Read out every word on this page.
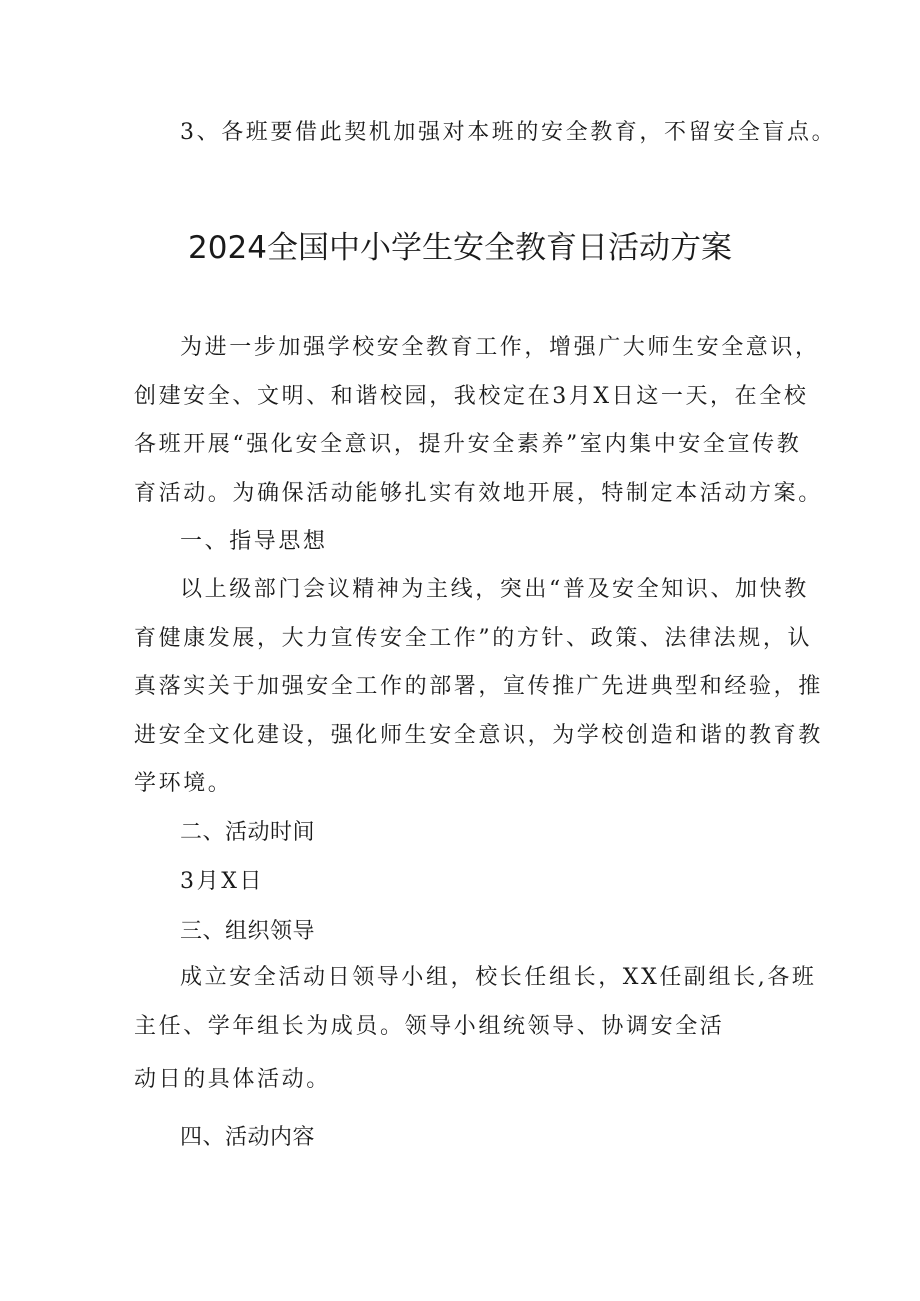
3、各班要借此契机加强对本班的安全教育，不留安全盲点。
2024全国中小学生安全教育日活动方案
为进一步加强学校安全教育工作，增强广大师生安全意识，
创建安全、文明、和谐校园，我校定在3月X日这一天，在全校
各班开展“强化安全意识，提升安全素养”室内集中安全宣传教
育活动。为确保活动能够扎实有效地开展，特制定本活动方案。
一、指导思想
以上级部门会议精神为主线，突出“普及安全知识、加快教
育健康发展，大力宣传安全工作”的方针、政策、法律法规，认
真落实关于加强安全工作的部署，宣传推广先进典型和经验，推
进安全文化建设，强化师生安全意识，为学校创造和谐的教育教
学环境。
二、活动时间
3月X日
三、组织领导
成立安全活动日领导小组，校长任组长，XX任副组长,各班
主任、学年组长为成员。领导小组统领导、协调安全活
动日的具体活动。
四、活动内容
